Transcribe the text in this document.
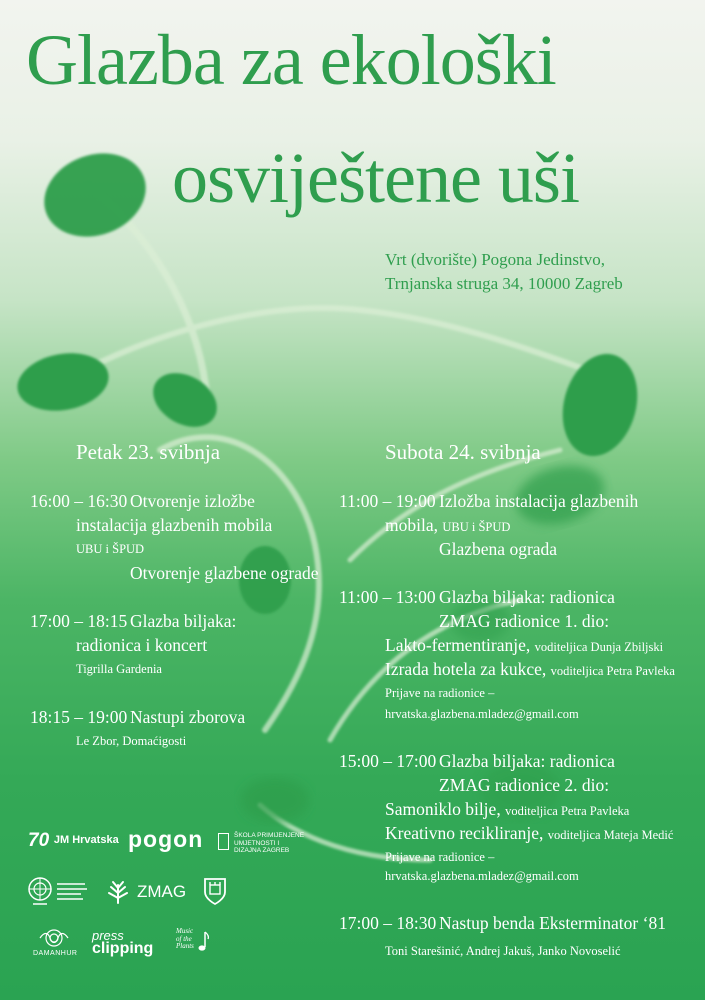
Glazba za ekološki
osviještene uši
Vrt (dvorište) Pogona Jedinstvo,
Trnjanska struga 34, 10000 Zagreb
Petak 23. svibnja
16:00 – 16:30 Otvorenje izložbe
instalacija glazbenih mobila
UBU i ŠPUD
Otvorenje glazbene ograde
17:00 – 18:15 Glazba biljaka:
radionica i koncert
Tigrilla Gardenia
18:15 – 19:00 Nastupi zborova
Le Zbor, Domaćigosti
Subota 24. svibnja
11:00 – 19:00 Izložba instalacija glazbenih
mobila, UBU i ŠPUD
Glazbena ograda
11:00 – 13:00 Glazba biljaka: radionica
ZMAG radionice 1. dio:
Lakto-fermentiranje, voditeljica Dunja Zbiljski
Izrada hotela za kukce, voditeljica Petra Pavleka
Prijave na radionice –
hrvatska.glazbena.mladez@gmail.com
15:00 – 17:00 Glazba biljaka: radionica
ZMAG radionice 2. dio:
Samoniklo bilje, voditeljica Petra Pavleka
Kreativno recikliranje, voditeljica Mateja Medić
Prijave na radionice –
hrvatska.glazbena.mladez@gmail.com
17:00 – 18:30 Nastup benda Eksterminator ‘81
Toni Starešinić, Andrej Jakuš, Janko Novoselić
70 JM Hrvatska pogon	ŠKOLA PRIMIJENJENE
UMJETNOSTI I
DIZAJNA ZAGREB
ZMAG
DAMANHUR
press
clipping
Music
of the
Plants
